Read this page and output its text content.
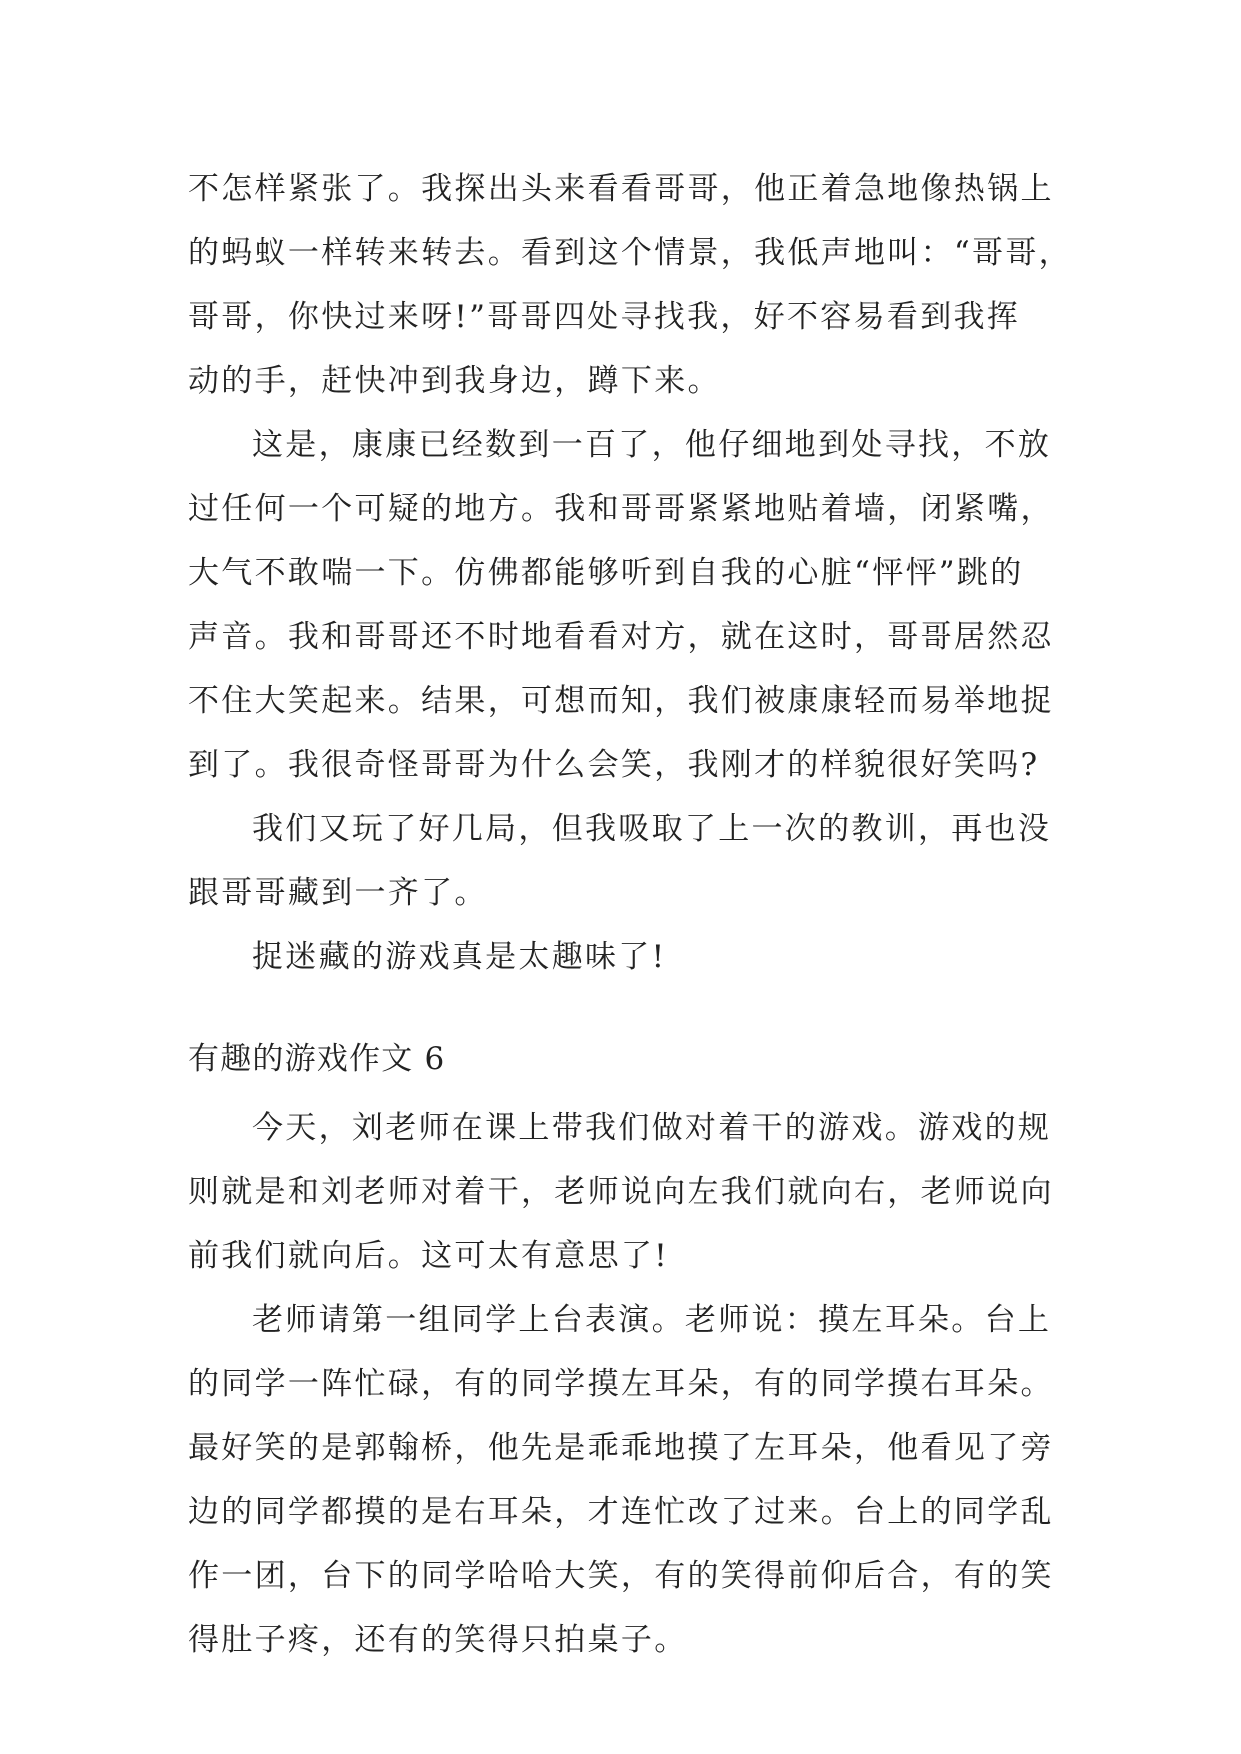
不怎样紧张了。我探出头来看看哥哥，他正着急地像热锅上
的蚂蚁一样转来转去。看到这个情景，我低声地叫：“哥哥，
哥哥，你快过来呀!”哥哥四处寻找我，好不容易看到我挥
动的手，赶快冲到我身边，蹲下来。
这是，康康已经数到一百了，他仔细地到处寻找，不放
过任何一个可疑的地方。我和哥哥紧紧地贴着墙，闭紧嘴，
大气不敢喘一下。仿佛都能够听到自我的心脏“怦怦”跳的
声音。我和哥哥还不时地看看对方，就在这时，哥哥居然忍
不住大笑起来。结果，可想而知，我们被康康轻而易举地捉
到了。我很奇怪哥哥为什么会笑，我刚才的样貌很好笑吗?
我们又玩了好几局，但我吸取了上一次的教训，再也没
跟哥哥藏到一齐了。
捉迷藏的游戏真是太趣味了!
有趣的游戏作文 6
今天，刘老师在课上带我们做对着干的游戏。游戏的规
则就是和刘老师对着干，老师说向左我们就向右，老师说向
前我们就向后。这可太有意思了!
老师请第一组同学上台表演。老师说：摸左耳朵。台上
的同学一阵忙碌，有的同学摸左耳朵，有的同学摸右耳朵。
最好笑的是郭翰桥，他先是乖乖地摸了左耳朵，他看见了旁
边的同学都摸的是右耳朵，才连忙改了过来。台上的同学乱
作一团，台下的同学哈哈大笑，有的笑得前仰后合，有的笑
得肚子疼，还有的笑得只拍桌子。
